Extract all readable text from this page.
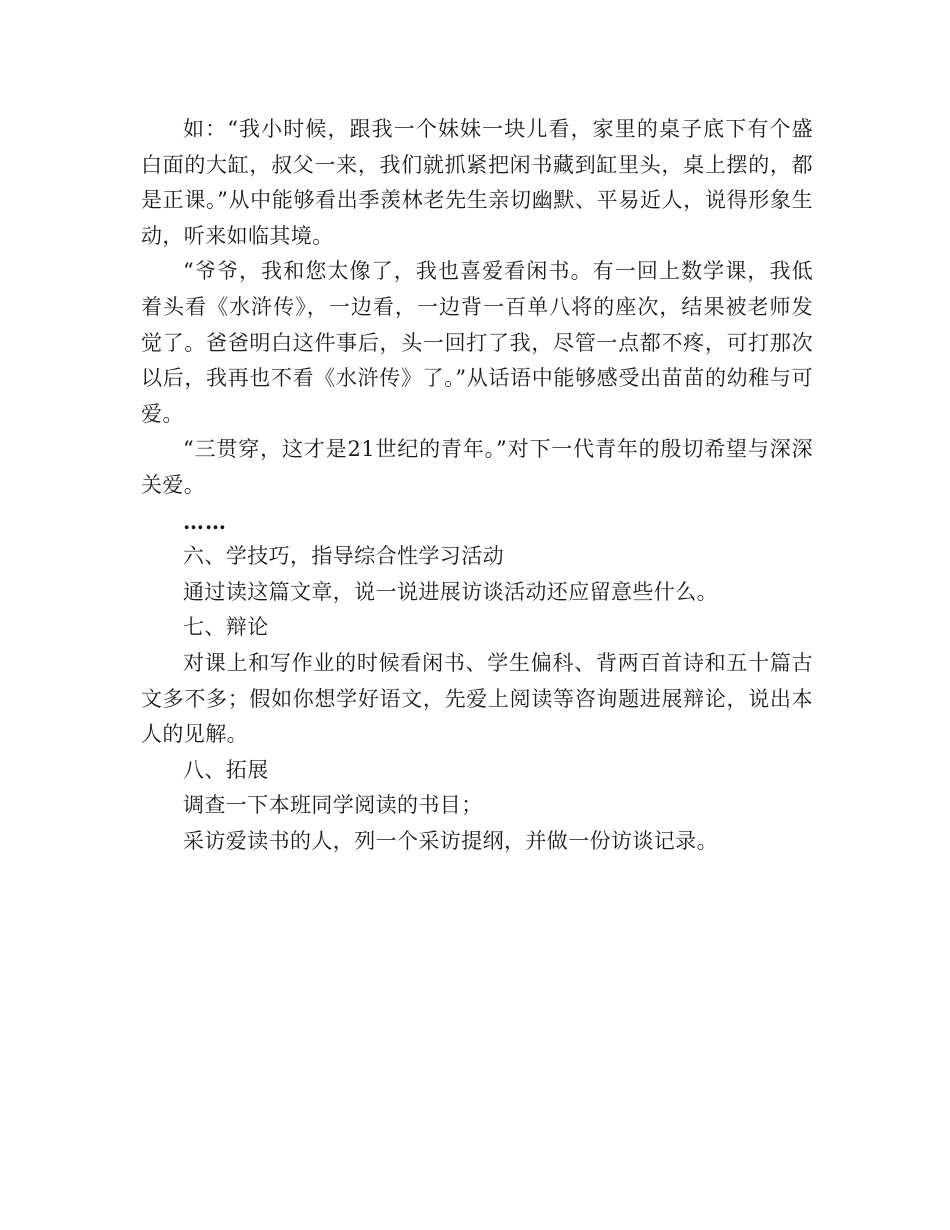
如：“我小时候，跟我一个妹妹一块儿看，家里的桌子底下有个盛白面的大缸，叔父一来，我们就抓紧把闲书藏到缸里头，桌上摆的，都是正课。”从中能够看出季羡林老先生亲切幽默、平易近人，说得形象生动，听来如临其境。

“爷爷，我和您太像了，我也喜爱看闲书。有一回上数学课，我低着头看《水浒传》，一边看，一边背一百单八将的座次，结果被老师发觉了。爸爸明白这件事后，头一回打了我，尽管一点都不疼，可打那次以后，我再也不看《水浒传》了。”从话语中能够感受出苗苗的幼稚与可爱。

“三贯穿，这才是21世纪的青年。”对下一代青年的殷切希望与深深关爱。

……

六、学技巧，指导综合性学习活动

通过读这篇文章，说一说进展访谈活动还应留意些什么。

七、辩论

对课上和写作业的时候看闲书、学生偏科、背两百首诗和五十篇古文多不多；假如你想学好语文，先爱上阅读等咨询题进展辩论，说出本人的见解。

八、拓展

调查一下本班同学阅读的书目；

采访爱读书的人，列一个采访提纲，并做一份访谈记录。
